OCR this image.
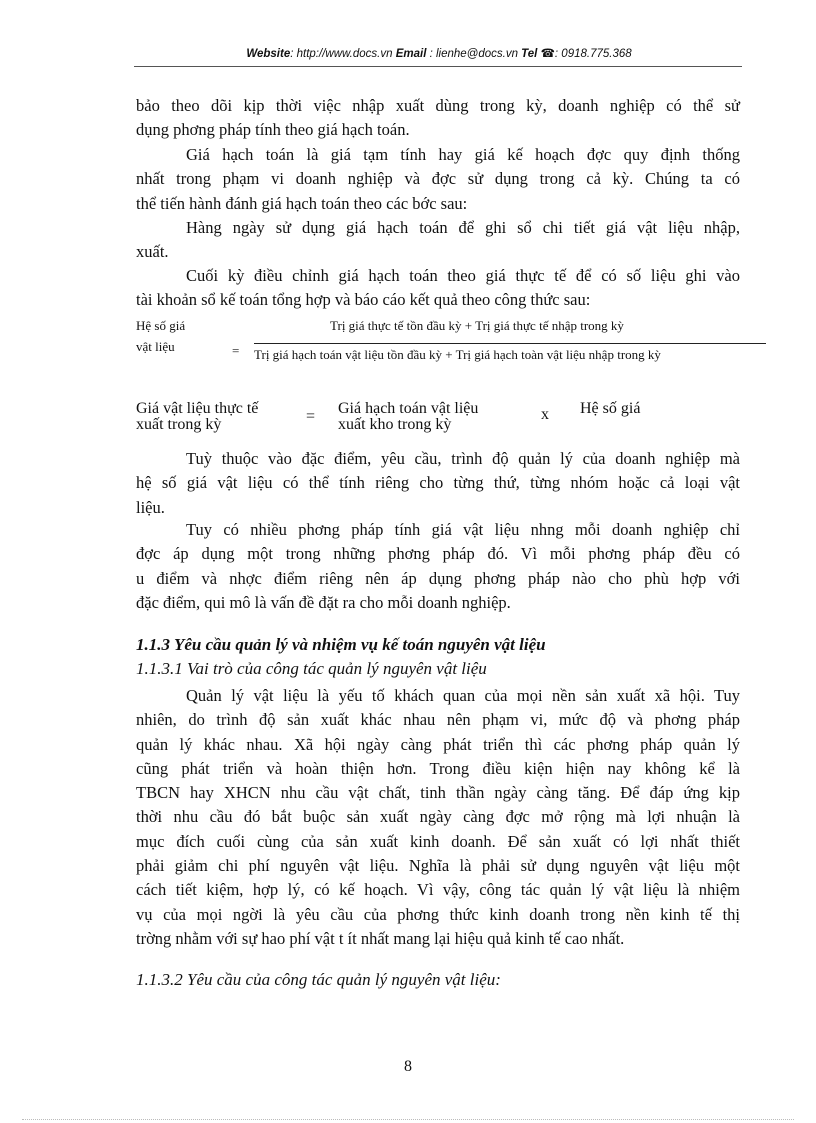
Website: http://www.docs.vn Email : lienhe@docs.vn Tel ☎: 0918.775.368
bảo theo dõi kịp thời việc nhập xuất dùng trong kỳ, doanh nghiệp có thể sử
dụng phơng pháp tính theo giá hạch toán.
Giá hạch toán là giá tạm tính hay giá kế hoạch đợc quy định thống
nhất trong phạm vi doanh nghiệp và đợc sử dụng trong cả kỳ. Chúng ta có
thể tiến hành đánh giá hạch toán theo các bớc sau:
Hàng ngày sử dụng giá hạch toán để ghi sổ chi tiết giá vật liệu nhập,
xuất.
Cuối kỳ điều chỉnh giá hạch toán theo giá thực tế để có số liệu ghi vào
tài khoản sổ kế toán tổng hợp và báo cáo kết quả theo công thức sau:
Hệ số giá
vật liệu	=
Trị giá thực tế tồn đầu kỳ + Trị giá thực tế nhập trong kỳ
Trị giá hạch toán vật liệu tồn đầu kỳ + Trị giá hạch toàn vật liệu nhập trong kỳ
Giá vật liệu thực tế
xuất trong kỳ	= Giá hạch toán vật liệu
xuất kho trong kỳ
x Hệ số giá
Tuỳ thuộc vào đặc điểm, yêu cầu, trình độ quản lý của doanh nghiệp mà
hệ số giá vật liệu có thể tính riêng cho từng thứ, từng nhóm hoặc cả loại vật
liệu.
Tuy có nhiều phơng pháp tính giá vật liệu nhng mỗi doanh nghiệp chỉ
đợc áp dụng một trong những phơng pháp đó. Vì mỗi phơng pháp đều có
u điểm và nhợc điểm riêng nên áp dụng phơng pháp nào cho phù hợp với
đặc điểm, qui mô là vấn đề đặt ra cho mỗi doanh nghiệp.
1.1.3 Yêu cầu quản lý và nhiệm vụ kế toán nguyên vật liệu
1.1.3.1 Vai trò của công tác quản lý nguyên vật liệu
Quản lý vật liệu là yếu tố khách quan của mọi nền sản xuất xã hội. Tuy
nhiên, do trình độ sản xuất khác nhau nên phạm vi, mức độ và phơng pháp
quản lý khác nhau. Xã hội ngày càng phát triển thì các phơng pháp quản lý
cũng phát triển và hoàn thiện hơn. Trong điều kiện hiện nay không kể là
TBCN hay XHCN nhu cầu vật chất, tinh thần ngày càng tăng. Để đáp ứng kịp
thời nhu cầu đó bắt buộc sản xuất ngày càng đợc mở rộng mà lợi nhuận là
mục đích cuối cùng của sản xuất kinh doanh. Để sản xuất có lợi nhất thiết
phải giảm chi phí nguyên vật liệu. Nghĩa là phải sử dụng nguyên vật liệu một
cách tiết kiệm, hợp lý, có kế hoạch. Vì vậy, công tác quản lý vật liệu là nhiệm
vụ của mọi ngời là yêu cầu của phơng thức kinh doanh trong nền kinh tế thị
trờng nhằm với sự hao phí vật t ít nhất mang lại hiệu quả kinh tế cao nhất.
1.1.3.2 Yêu cầu của công tác quản lý nguyên vật liệu:
8
